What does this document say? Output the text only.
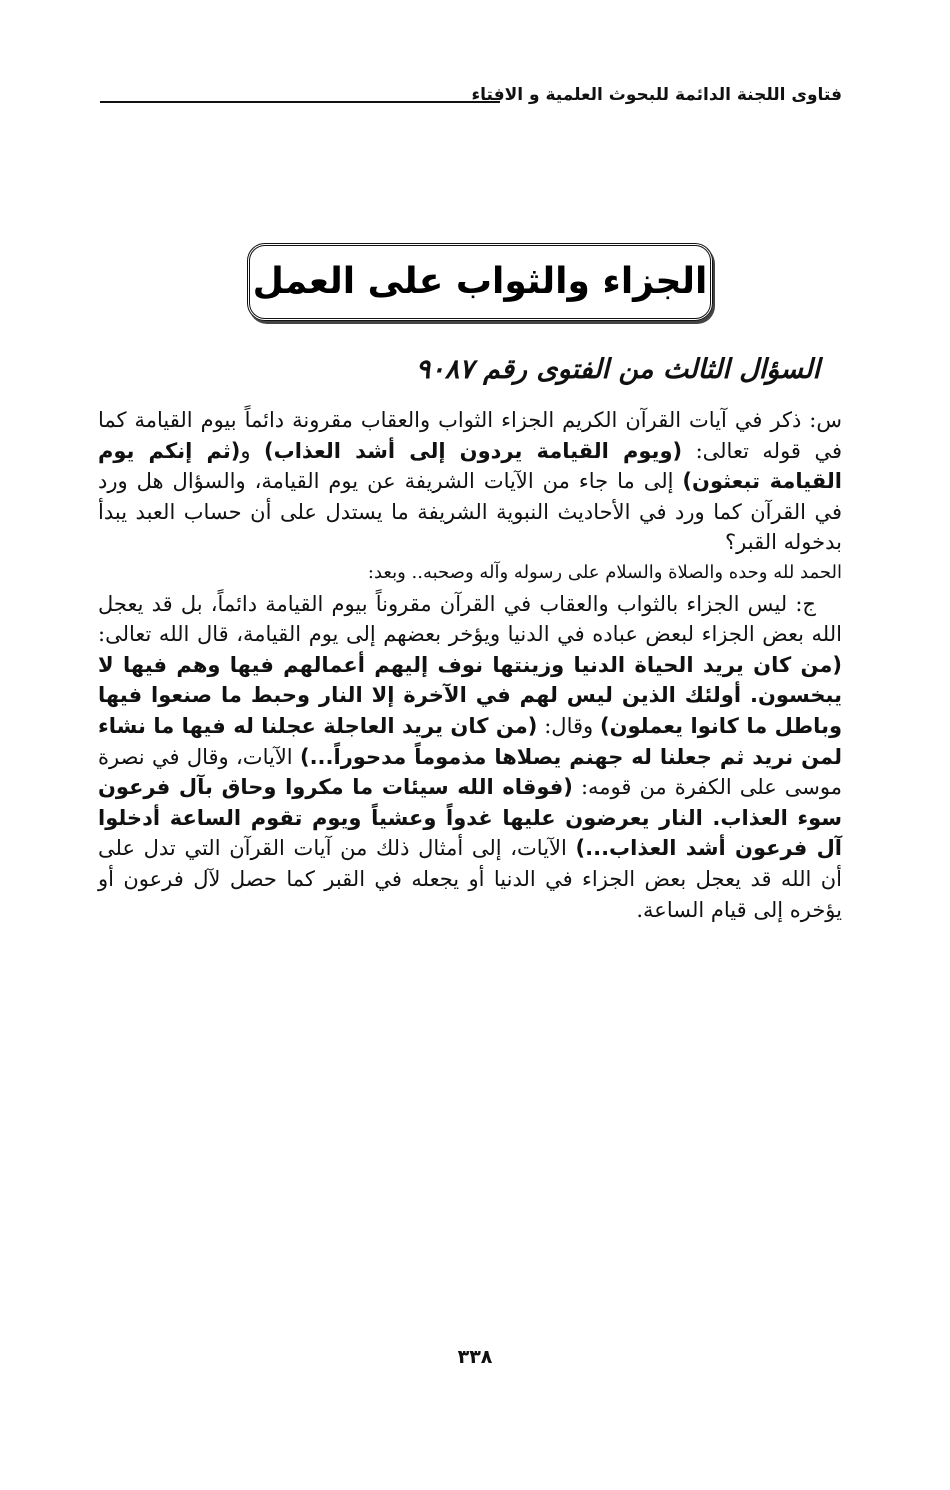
فتاوى اللجنة الدائمة للبحوث العلمية و الافتاء
الجزاء والثواب على العمل
السؤال الثالث من الفتوى رقم ٩٠٨٧

س: ذكر في آيات القرآن الكريم الجزاء الثواب والعقاب مقرونة دائماً بيوم القيامة كما في قوله تعالى: (ويوم القيامة يردون إلى أشد العذاب) و(ثم إنكم يوم القيامة تبعثون) إلى ما جاء من الآيات الشريفة عن يوم القيامة، والسؤال هل ورد في القرآن كما ورد في الأحاديث النبوية الشريفة ما يستدل على أن حساب العبد يبدأ بدخوله القبر؟

الحمد لله وحده والصلاة والسلام على رسوله وآله وصحبه.. وبعد:

ج: ليس الجزاء بالثواب والعقاب في القرآن مقروناً بيوم القيامة دائماً، بل قد يعجل الله بعض الجزاء لبعض عباده في الدنيا ويؤخر بعضهم إلى يوم القيامة، قال الله تعالى: (من كان يريد الحياة الدنيا وزينتها نوف إليهم أعمالهم فيها وهم فيها لا يبخسون. أولئك الذين ليس لهم في الآخرة إلا النار وحبط ما صنعوا فيها وباطل ما كانوا يعملون) وقال: (من كان يريد العاجلة عجلنا له فيها ما نشاء لمن نريد ثم جعلنا له جهنم يصلاها مذموماً مدحوراً...) الآيات، وقال في نصرة موسى على الكفرة من قومه: (فوقاه الله سيئات ما مكروا وحاق بآل فرعون سوء العذاب. النار يعرضون عليها غدواً وعشياً ويوم تقوم الساعة أدخلوا آل فرعون أشد العذاب...) الآيات، إلى أمثال ذلك من آيات القرآن التي تدل على أن الله قد يعجل بعض الجزاء في الدنيا أو يجعله في القبر كما حصل لآل فرعون أو يؤخره إلى قيام الساعة.

٣٣٨
